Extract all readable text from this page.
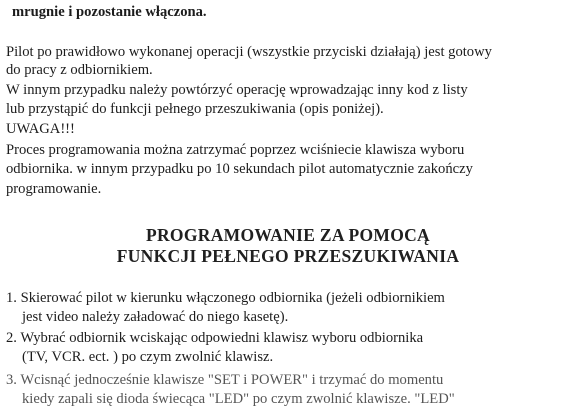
mrugnie i pozostanie włączona.
Pilot po prawidłowo wykonanej operacji (wszystkie przyciski działają) jest gotowy
do pracy z odbiornikiem.
W innym przypadku należy powtórzyć operację wprowadzając inny kod z listy
lub przystąpić do funkcji pełnego przeszukiwania (opis poniżej).
UWAGA!!!
Proces programowania można zatrzymać poprzez wciśniecie klawisza wyboru
odbiornika. w innym przypadku po 10 sekundach pilot automatycznie zakończy
programowanie.
PROGRAMOWANIE ZA POMOCĄ
FUNKCJI PEŁNEGO PRZESZUKIWANIA
1. Skierować pilot w kierunku włączonego odbiornika (jeżeli odbiornikiem
jest video należy załadować do niego kasetę).
2. Wybrać odbiornik wciskając odpowiedni klawisz wyboru odbiornika
(TV, VCR. ect. ) po czym zwolnić klawisz.
3. Wcisnąć jednocześnie klawisze "SET i POWER" i trzymać do momentu
kiedy zapali się dioda świecąca "LED" po czym zwolnić klawisze. "LED"
